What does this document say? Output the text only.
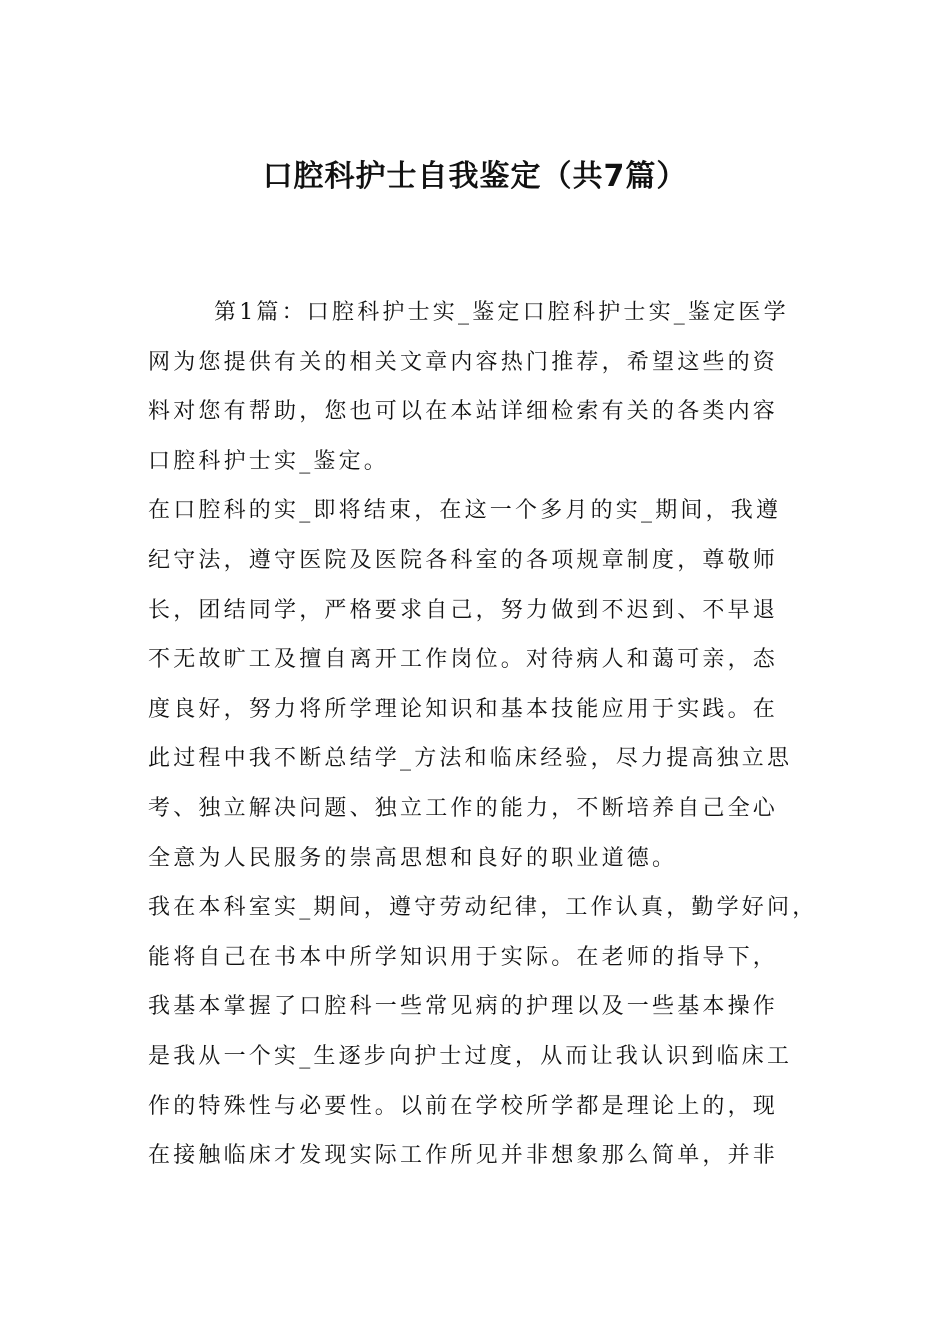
口腔科护士自我鉴定（共7篇）
第1篇：口腔科护士实_鉴定口腔科护士实_鉴定医学
网为您提供有关的相关文章内容热门推荐，希望这些的资
料对您有帮助，您也可以在本站详细检索有关的各类内容
口腔科护士实_鉴定。
在口腔科的实_即将结束，在这一个多月的实_期间，我遵
纪守法，遵守医院及医院各科室的各项规章制度，尊敬师
长，团结同学，严格要求自己，努力做到不迟到、不早退
不无故旷工及擅自离开工作岗位。对待病人和蔼可亲，态
度良好，努力将所学理论知识和基本技能应用于实践。在
此过程中我不断总结学_方法和临床经验，尽力提高独立思
考、独立解决问题、独立工作的能力，不断培养自己全心
全意为人民服务的崇高思想和良好的职业道德。
我在本科室实_期间，遵守劳动纪律，工作认真，勤学好问，
能将自己在书本中所学知识用于实际。在老师的指导下，
我基本掌握了口腔科一些常见病的护理以及一些基本操作
是我从一个实_生逐步向护士过度，从而让我认识到临床工
作的特殊性与必要性。以前在学校所学都是理论上的，现
在接触临床才发现实际工作所见并非想象那么简单，并非
